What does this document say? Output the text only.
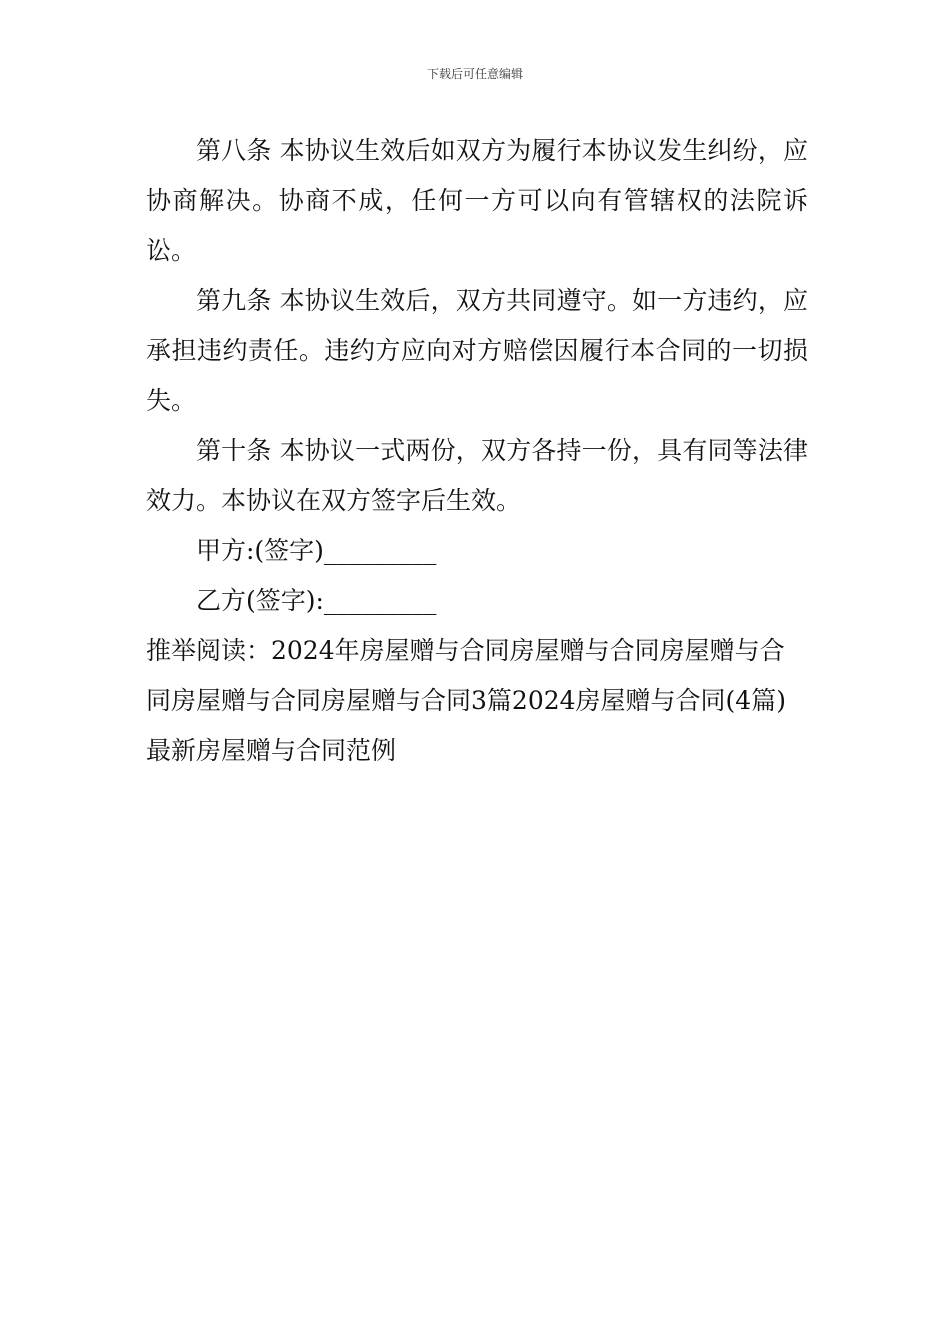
下载后可任意编辑

第八条 本协议生效后如双方为履行本协议发生纠纷，应协商解决。协商不成，任何一方可以向有管辖权的法院诉讼。

第九条 本协议生效后，双方共同遵守。如一方违约，应承担违约责任。违约方应向对方赔偿因履行本合同的一切损失。

第十条 本协议一式两份，双方各持一份，具有同等法律效力。本协议在双方签字后生效。

甲方:(签字)_________

乙方(签字):_________

推举阅读：2024年房屋赠与合同房屋赠与合同房屋赠与合同房屋赠与合同房屋赠与合同3篇2024房屋赠与合同(4篇)

最新房屋赠与合同范例
